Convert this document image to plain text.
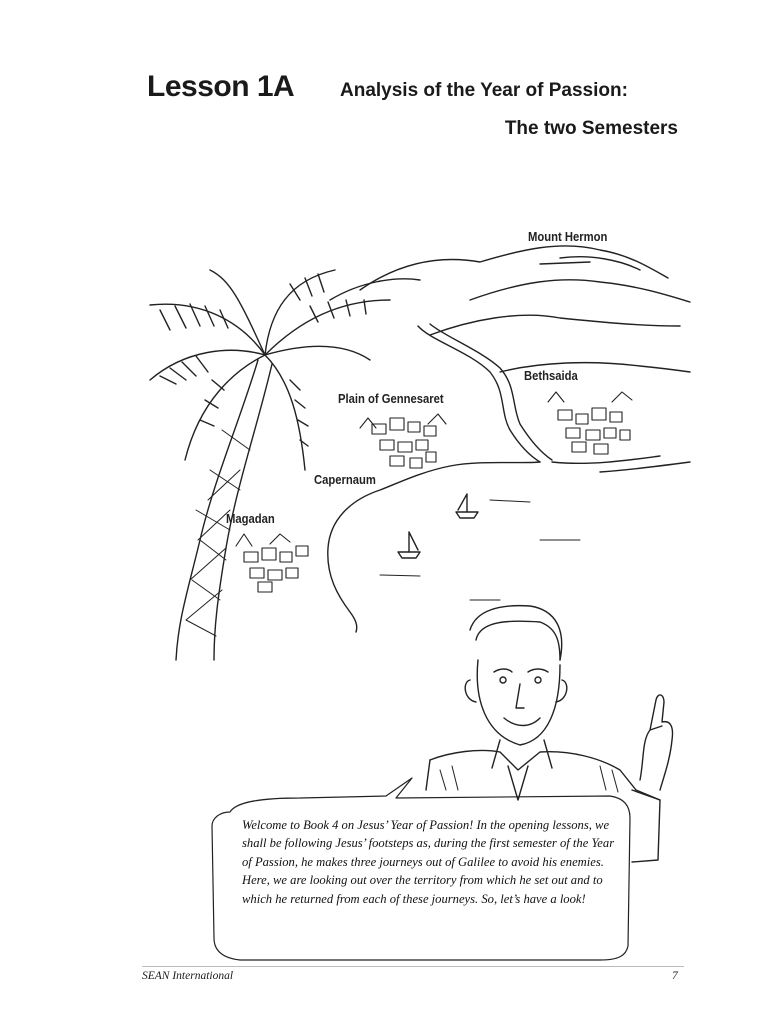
Lesson 1A Analysis of the Year of Passion:
The two Semesters
Mount Hermon
Bethsaida
Plain of Gennesaret
Capernaum
Magadan
Welcome to Book 4 on Jesus’ Year of Passion! In the opening lessons, we shall be following Jesus’ footsteps as, during the first semester of the Year of Passion, he makes three journeys out of Galilee to avoid his enemies. Here, we are looking out over the territory from which he set out and to which he returned from each of these journeys. So, let’s have a look!
SEAN International	7
